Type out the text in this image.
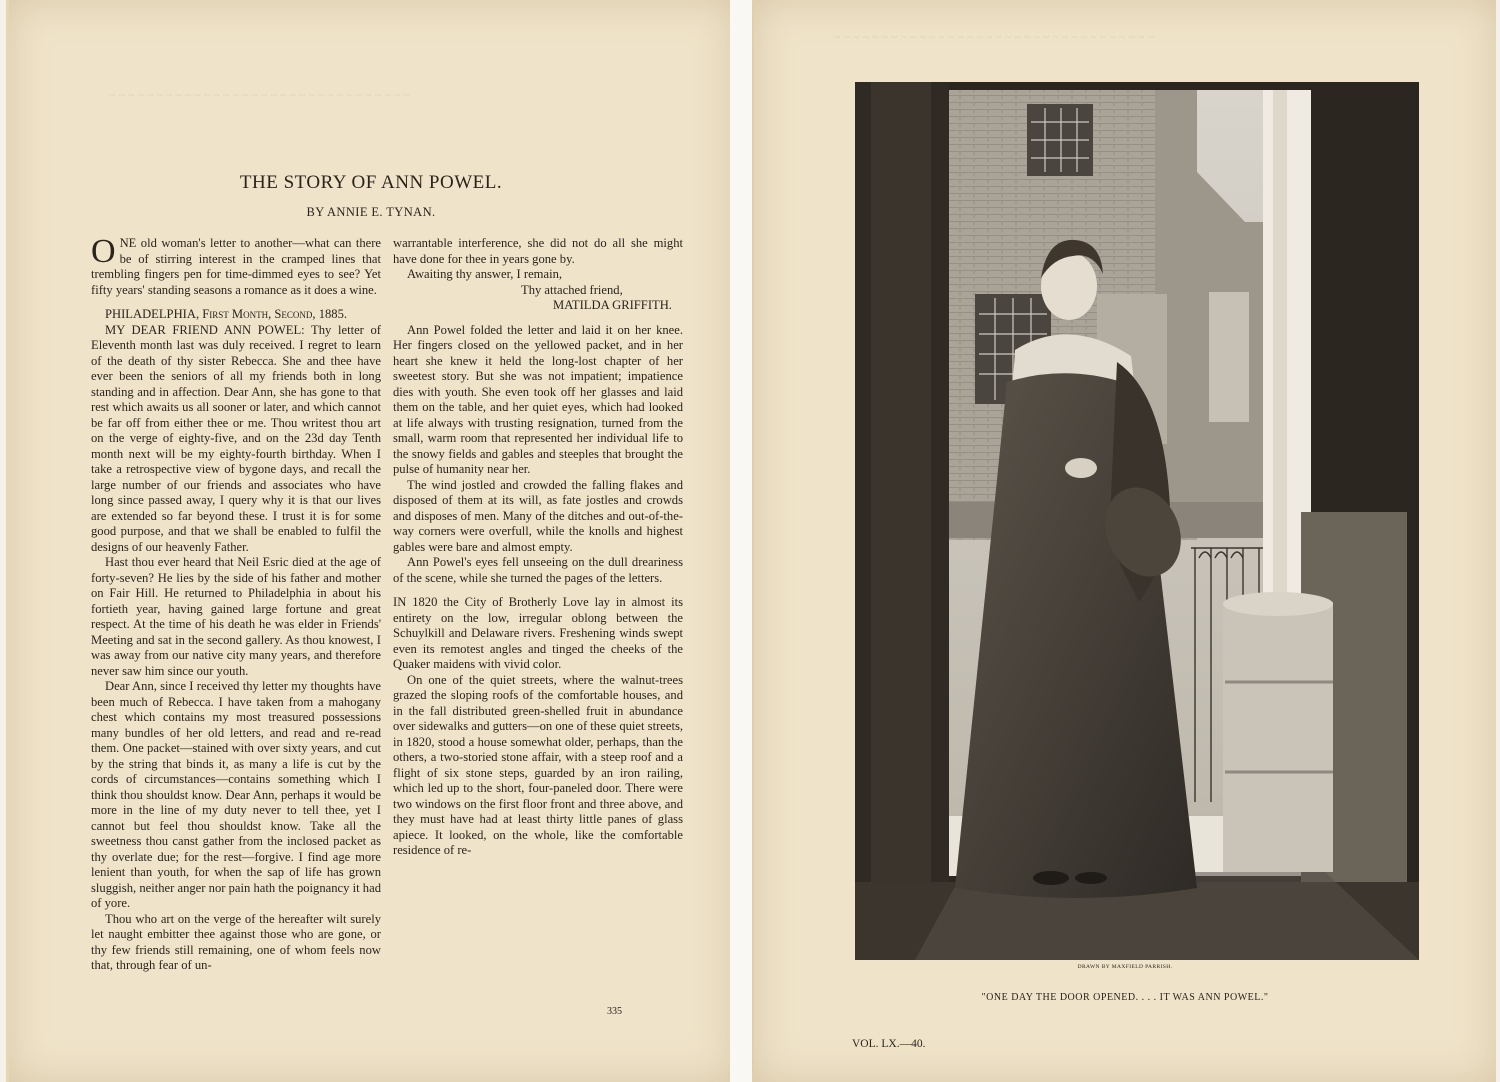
~ ~ ~ ~ ~ ~ ~ ~ ~ ~ ~ ~ ~ ~ ~ ~ ~ ~ ~ ~ ~ ~ ~ ~ ~ ~ ~ ~ ~ ~ ~ ~
THE STORY OF ANN POWEL.
BY ANNIE E. TYNAN.

ONE old woman's letter to another—what can there be of stirring interest in the cramped lines that trembling fingers pen for time-dimmed eyes to see? Yet fifty years' standing seasons a romance as it does a wine.

PHILADELPHIA, First Month, Second, 1885.

MY DEAR FRIEND ANN POWEL: Thy letter of Eleventh month last was duly received. I regret to learn of the death of thy sister Rebecca. She and thee have ever been the seniors of all my friends both in long standing and in affection. Dear Ann, she has gone to that rest which awaits us all sooner or later, and which cannot be far off from either thee or me. Thou writest thou art on the verge of eighty-five, and on the 23d day Tenth month next will be my eighty-fourth birthday. When I take a retrospective view of bygone days, and recall the large number of our friends and associates who have long since passed away, I query why it is that our lives are extended so far beyond these. I trust it is for some good purpose, and that we shall be enabled to fulfil the designs of our heavenly Father.

Hast thou ever heard that Neil Esric died at the age of forty-seven? He lies by the side of his father and mother on Fair Hill. He returned to Philadelphia in about his fortieth year, having gained large fortune and great respect. At the time of his death he was elder in Friends' Meeting and sat in the second gallery. As thou knowest, I was away from our native city many years, and therefore never saw him since our youth.

Dear Ann, since I received thy letter my thoughts have been much of Rebecca. I have taken from a mahogany chest which contains my most treasured possessions many bundles of her old letters, and read and re-read them. One packet—stained with over sixty years, and cut by the string that binds it, as many a life is cut by the cords of circumstances—contains something which I think thou shouldst know. Dear Ann, perhaps it would be more in the line of my duty never to tell thee, yet I cannot but feel thou shouldst know. Take all the sweetness thou canst gather from the inclosed packet as thy overlate due; for the rest—forgive. I find age more lenient than youth, for when the sap of life has grown sluggish, neither anger nor pain hath the poignancy it had of yore.

Thou who art on the verge of the hereafter wilt surely let naught embitter thee against those who are gone, or thy few friends still remaining, one of whom feels now that, through fear of un-

warrantable interference, she did not do all she might have done for thee in years gone by.

Awaiting thy answer, I remain,

Thy attached friend,

MATILDA GRIFFITH.

Ann Powel folded the letter and laid it on her knee. Her fingers closed on the yellowed packet, and in her heart she knew it held the long-lost chapter of her sweetest story. But she was not impatient; impatience dies with youth. She even took off her glasses and laid them on the table, and her quiet eyes, which had looked at life always with trusting resignation, turned from the small, warm room that represented her individual life to the snowy fields and gables and steeples that brought the pulse of humanity near her.

The wind jostled and crowded the falling flakes and disposed of them at its will, as fate jostles and crowds and disposes of men. Many of the ditches and out-of-the-way corners were overfull, while the knolls and highest gables were bare and almost empty.

Ann Powel's eyes fell unseeing on the dull dreariness of the scene, while she turned the pages of the letters.

IN 1820 the City of Brotherly Love lay in almost its entirety on the low, irregular oblong between the Schuylkill and Delaware rivers. Freshening winds swept even its remotest angles and tinged the cheeks of the Quaker maidens with vivid color.

On one of the quiet streets, where the walnut-trees grazed the sloping roofs of the comfortable houses, and in the fall distributed green-shelled fruit in abundance over sidewalks and gutters—on one of these quiet streets, in 1820, stood a house somewhat older, perhaps, than the others, a two-storied stone affair, with a steep roof and a flight of six stone steps, guarded by an iron railing, which led up to the short, four-paneled door. There were two windows on the first floor front and three above, and they must have had at least thirty little panes of glass apiece. It looked, on the whole, like the comfortable residence of re-

335
~ ~ ~ ~ ~ ~ ~ ~ ~ ~ ~ ~ ~ ~ ~ ~ ~ ~ ~ ~ ~ ~ ~ ~ ~ ~ ~ ~ ~ ~ ~ ~ ~ ~
DRAWN BY MAXFIELD PARRISH.
"ONE DAY THE DOOR OPENED. . . . IT WAS ANN POWEL."
VOL. LX.—40.
